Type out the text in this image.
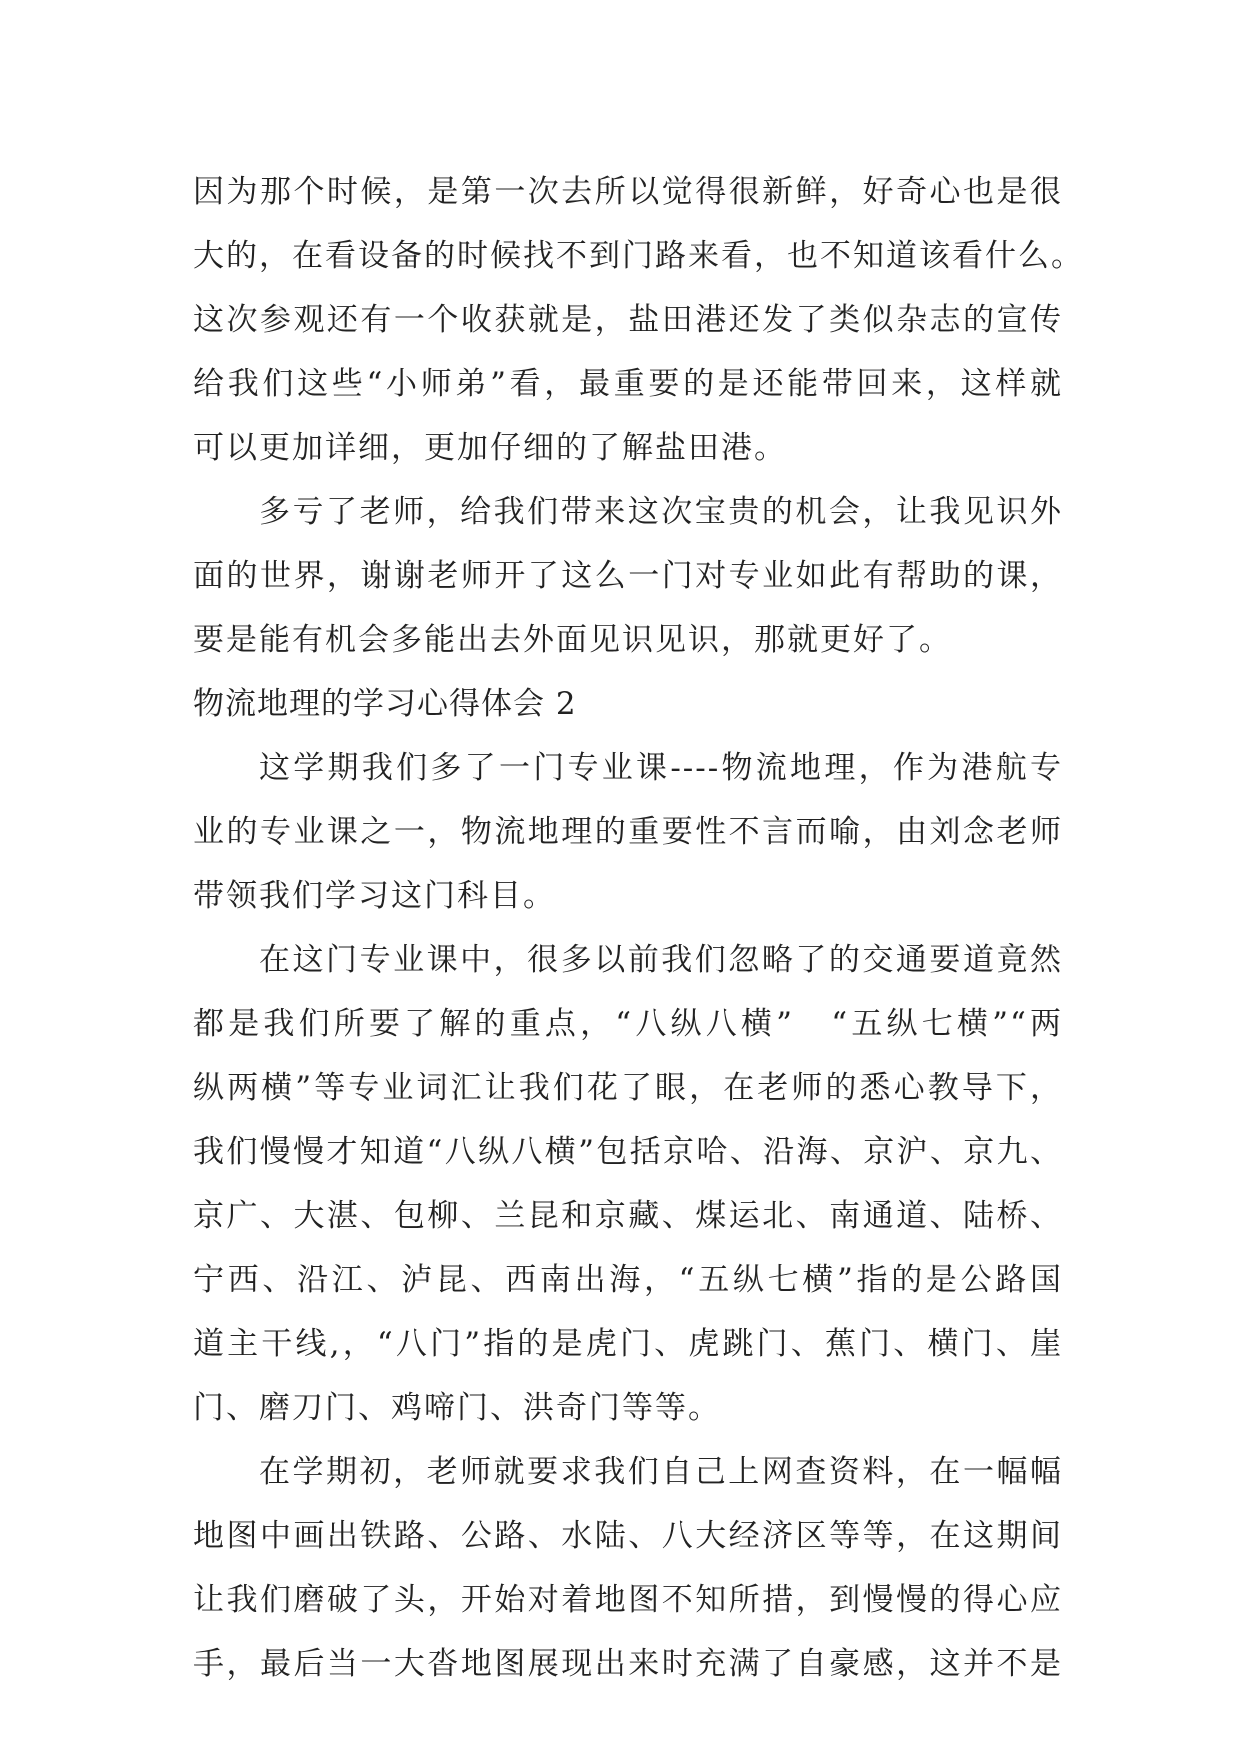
因为那个时候，是第一次去所以觉得很新鲜，好奇心也是很
大的，在看设备的时候找不到门路来看，也不知道该看什么。
这次参观还有一个收获就是，盐田港还发了类似杂志的宣传
给我们这些“小师弟”看，最重要的是还能带回来，这样就
可以更加详细，更加仔细的了解盐田港。
多亏了老师，给我们带来这次宝贵的机会，让我见识外
面的世界，谢谢老师开了这么一门对专业如此有帮助的课，
要是能有机会多能出去外面见识见识，那就更好了。
物流地理的学习心得体会 2
这学期我们多了一门专业课----物流地理，作为港航专
业的专业课之一，物流地理的重要性不言而喻，由刘念老师
带领我们学习这门科目。
在这门专业课中，很多以前我们忽略了的交通要道竟然
都是我们所要了解的重点，“八纵八横”　“五纵七横”“两
纵两横”等专业词汇让我们花了眼，在老师的悉心教导下，
我们慢慢才知道“八纵八横”包括京哈、沿海、京沪、京九、
京广、大湛、包柳、兰昆和京藏、煤运北、南通道、陆桥、
宁西、沿江、泸昆、西南出海，“五纵七横”指的是公路国
道主干线,，“八门”指的是虎门、虎跳门、蕉门、横门、崖
门、磨刀门、鸡啼门、洪奇门等等。
在学期初，老师就要求我们自己上网查资料，在一幅幅
地图中画出铁路、公路、水陆、八大经济区等等，在这期间
让我们磨破了头，开始对着地图不知所措，到慢慢的得心应
手，最后当一大沓地图展现出来时充满了自豪感，这并不是
